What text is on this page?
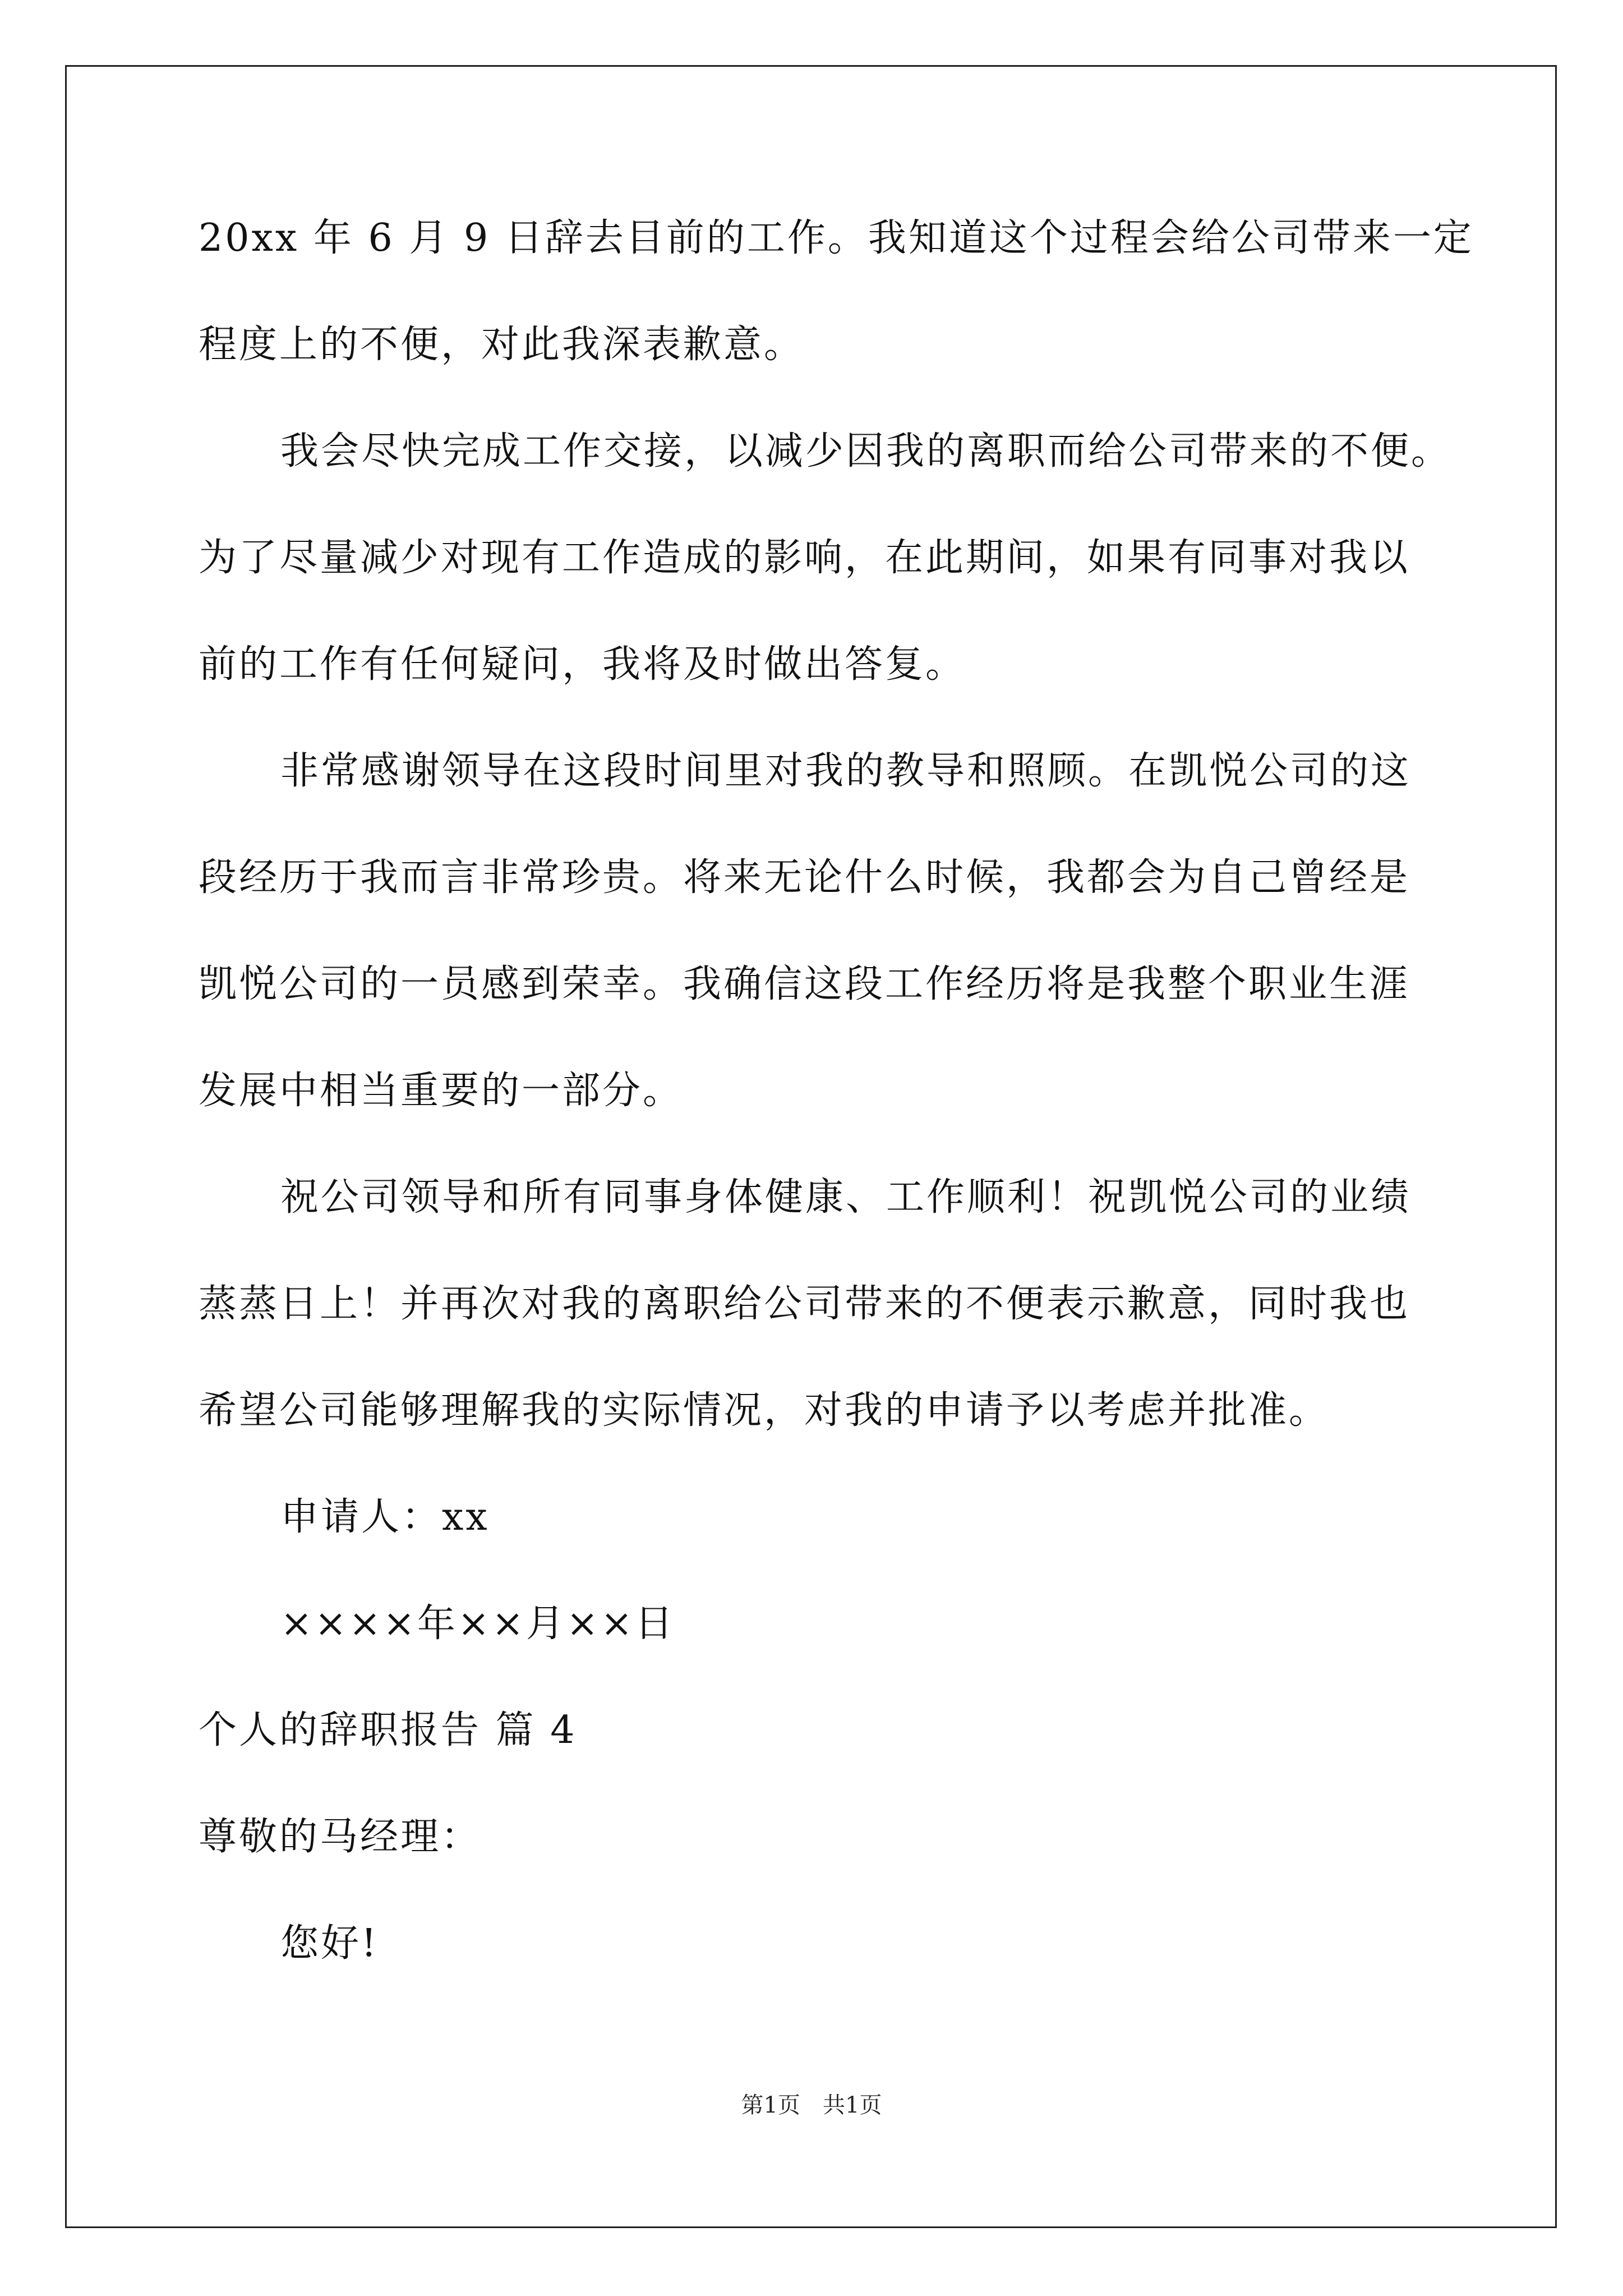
20xx 年 6 月 9 日辞去目前的工作。我知道这个过程会给公司带来一定
程度上的不便，对此我深表歉意。
我会尽快完成工作交接，以减少因我的离职而给公司带来的不便。
为了尽量减少对现有工作造成的影响，在此期间，如果有同事对我以
前的工作有任何疑问，我将及时做出答复。
非常感谢领导在这段时间里对我的教导和照顾。在凯悦公司的这
段经历于我而言非常珍贵。将来无论什么时候，我都会为自己曾经是
凯悦公司的一员感到荣幸。我确信这段工作经历将是我整个职业生涯
发展中相当重要的一部分。
祝公司领导和所有同事身体健康、工作顺利！祝凯悦公司的业绩
蒸蒸日上！并再次对我的离职给公司带来的不便表示歉意，同时我也
希望公司能够理解我的实际情况，对我的申请予以考虑并批准。
申请人：xx
××××年××月××日
个人的辞职报告 篇 4
尊敬的马经理：
您好!
第1页 共1页
